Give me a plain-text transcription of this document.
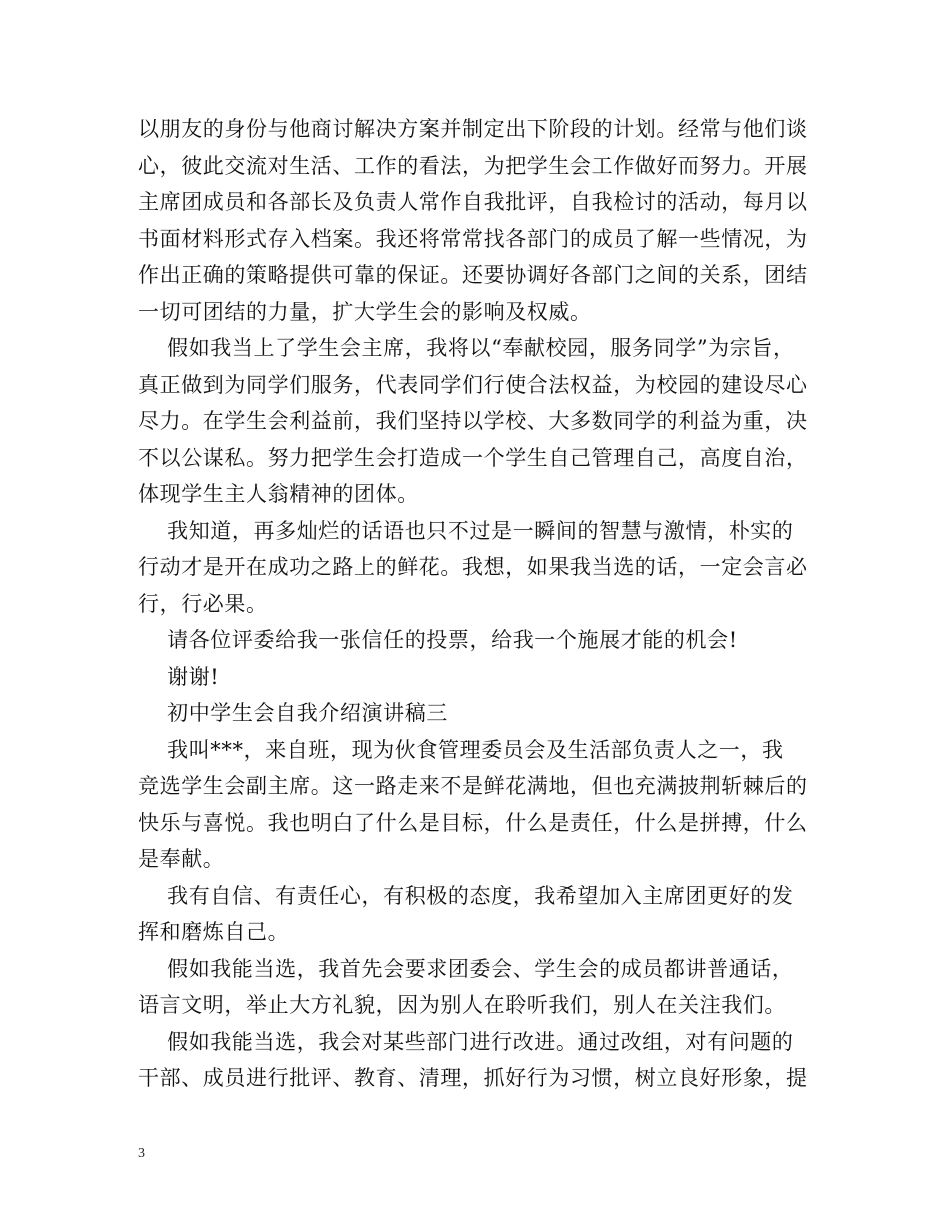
以朋友的身份与他商讨解决方案并制定出下阶段的计划。经常与他们谈
心，彼此交流对生活、工作的看法，为把学生会工作做好而努力。开展
主席团成员和各部长及负责人常作自我批评，自我检讨的活动，每月以
书面材料形式存入档案。我还将常常找各部门的成员了解一些情况，为
作出正确的策略提供可靠的保证。还要协调好各部门之间的关系，团结
一切可团结的力量，扩大学生会的影响及权威。
假如我当上了学生会主席，我将以“奉献校园，服务同学”为宗旨，
真正做到为同学们服务，代表同学们行使合法权益，为校园的建设尽心
尽力。在学生会利益前，我们坚持以学校、大多数同学的利益为重，决
不以公谋私。努力把学生会打造成一个学生自己管理自己，高度自治，
体现学生主人翁精神的团体。
我知道，再多灿烂的话语也只不过是一瞬间的智慧与激情，朴实的
行动才是开在成功之路上的鲜花。我想，如果我当选的话，一定会言必
行，行必果。
请各位评委给我一张信任的投票，给我一个施展才能的机会!
谢谢!
初中学生会自我介绍演讲稿三
我叫***，来自班，现为伙食管理委员会及生活部负责人之一，我
竞选学生会副主席。这一路走来不是鲜花满地，但也充满披荆斩棘后的
快乐与喜悦。我也明白了什么是目标，什么是责任，什么是拼搏，什么
是奉献。
我有自信、有责任心，有积极的态度，我希望加入主席团更好的发
挥和磨炼自己。
假如我能当选，我首先会要求团委会、学生会的成员都讲普通话，
语言文明，举止大方礼貌，因为别人在聆听我们，别人在关注我们。
假如我能当选，我会对某些部门进行改进。通过改组，对有问题的
干部、成员进行批评、教育、清理，抓好行为习惯，树立良好形象，提
3
